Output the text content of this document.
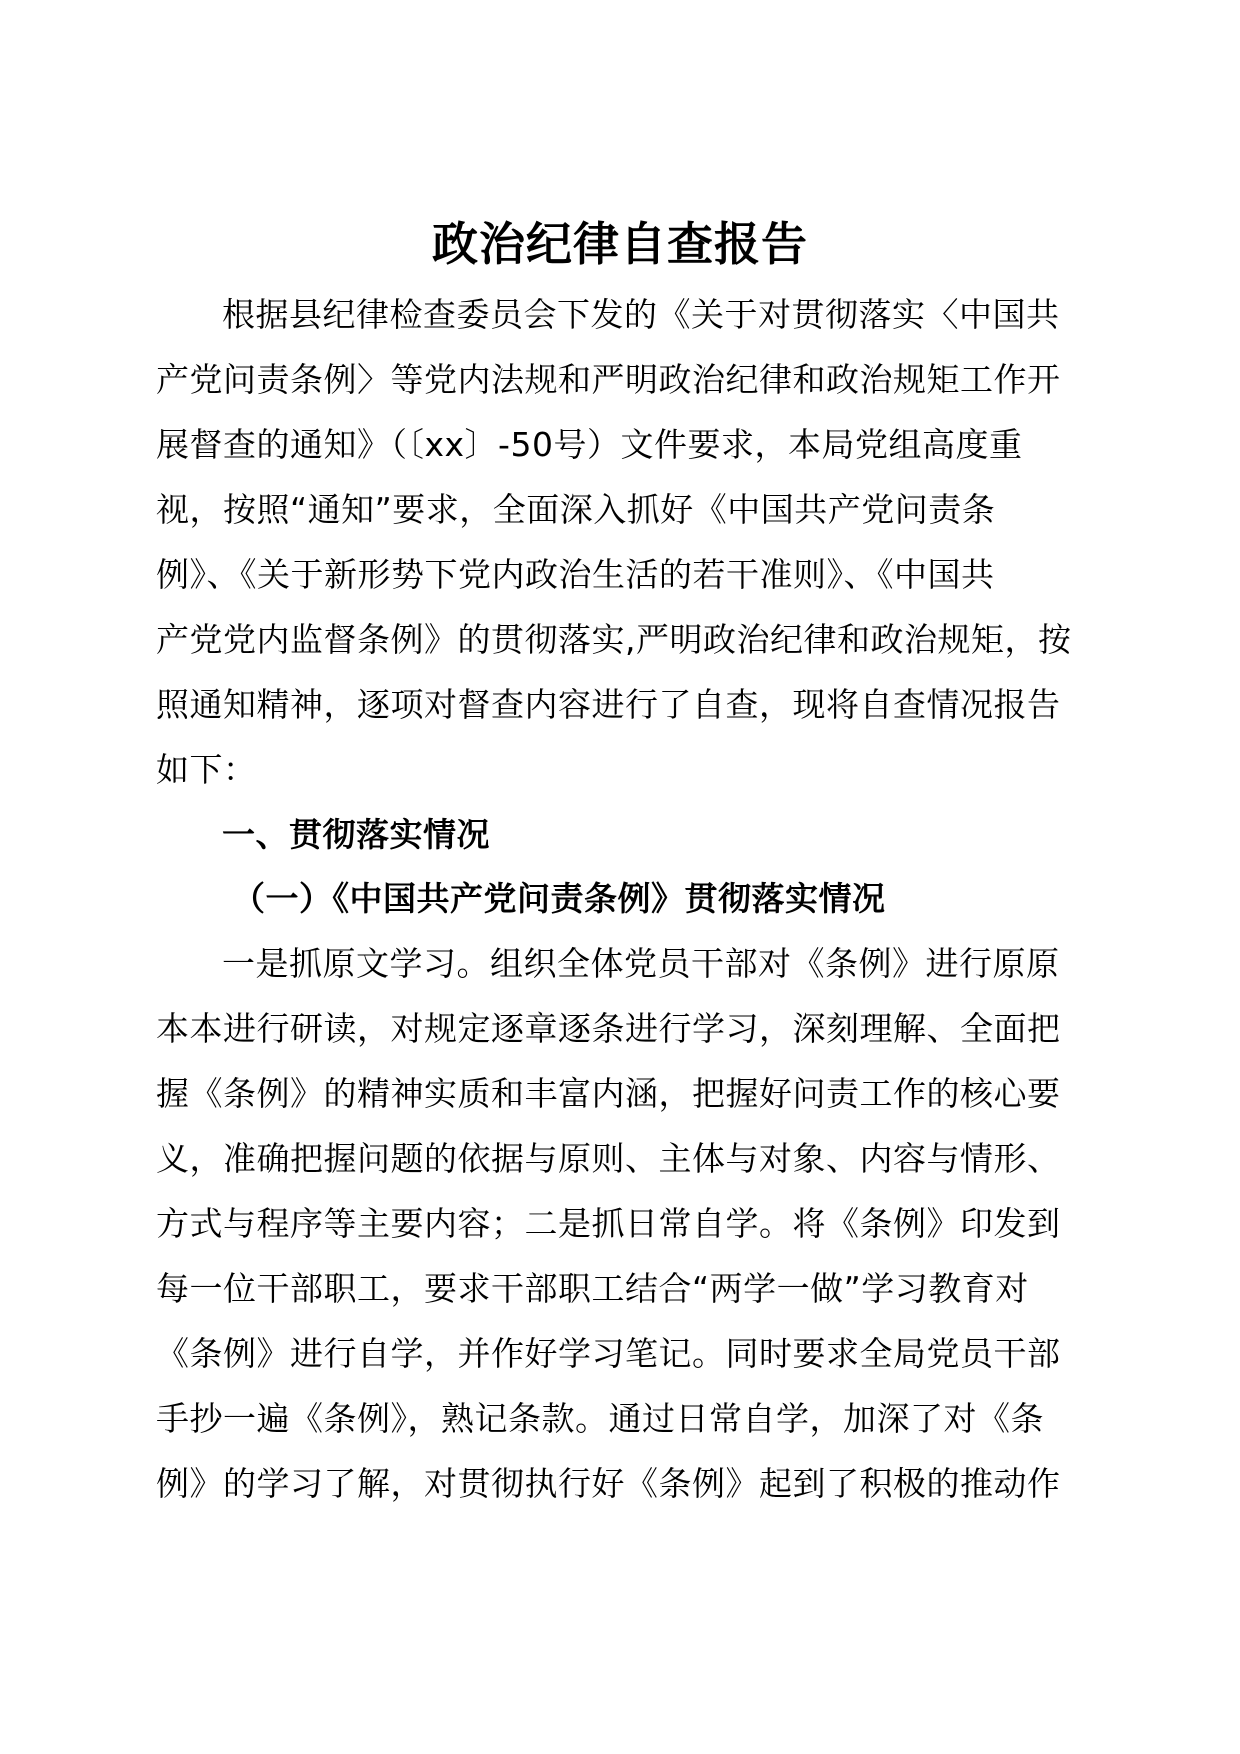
政治纪律自查报告
根据县纪律检查委员会下发的《关于对贯彻落实〈中国共
产党问责条例〉等党内法规和严明政治纪律和政治规矩工作开
展督查的通知》（〔xx〕-50号）文件要求，本局党组高度重
视，按照“通知”要求，全面深入抓好《中国共产党问责条
例》、《关于新形势下党内政治生活的若干准则》、《中国共
产党党内监督条例》的贯彻落实,严明政治纪律和政治规矩，按
照通知精神，逐项对督查内容进行了自查，现将自查情况报告
如下：
一、贯彻落实情况
（一）《中国共产党问责条例》贯彻落实情况
一是抓原文学习。组织全体党员干部对《条例》进行原原
本本进行研读，对规定逐章逐条进行学习，深刻理解、全面把
握《条例》的精神实质和丰富内涵，把握好问责工作的核心要
义，准确把握问题的依据与原则、主体与对象、内容与情形、
方式与程序等主要内容；二是抓日常自学。将《条例》印发到
每一位干部职工，要求干部职工结合“两学一做”学习教育对
《条例》进行自学，并作好学习笔记。同时要求全局党员干部
手抄一遍《条例》，熟记条款。通过日常自学，加深了对《条
例》的学习了解，对贯彻执行好《条例》起到了积极的推动作
